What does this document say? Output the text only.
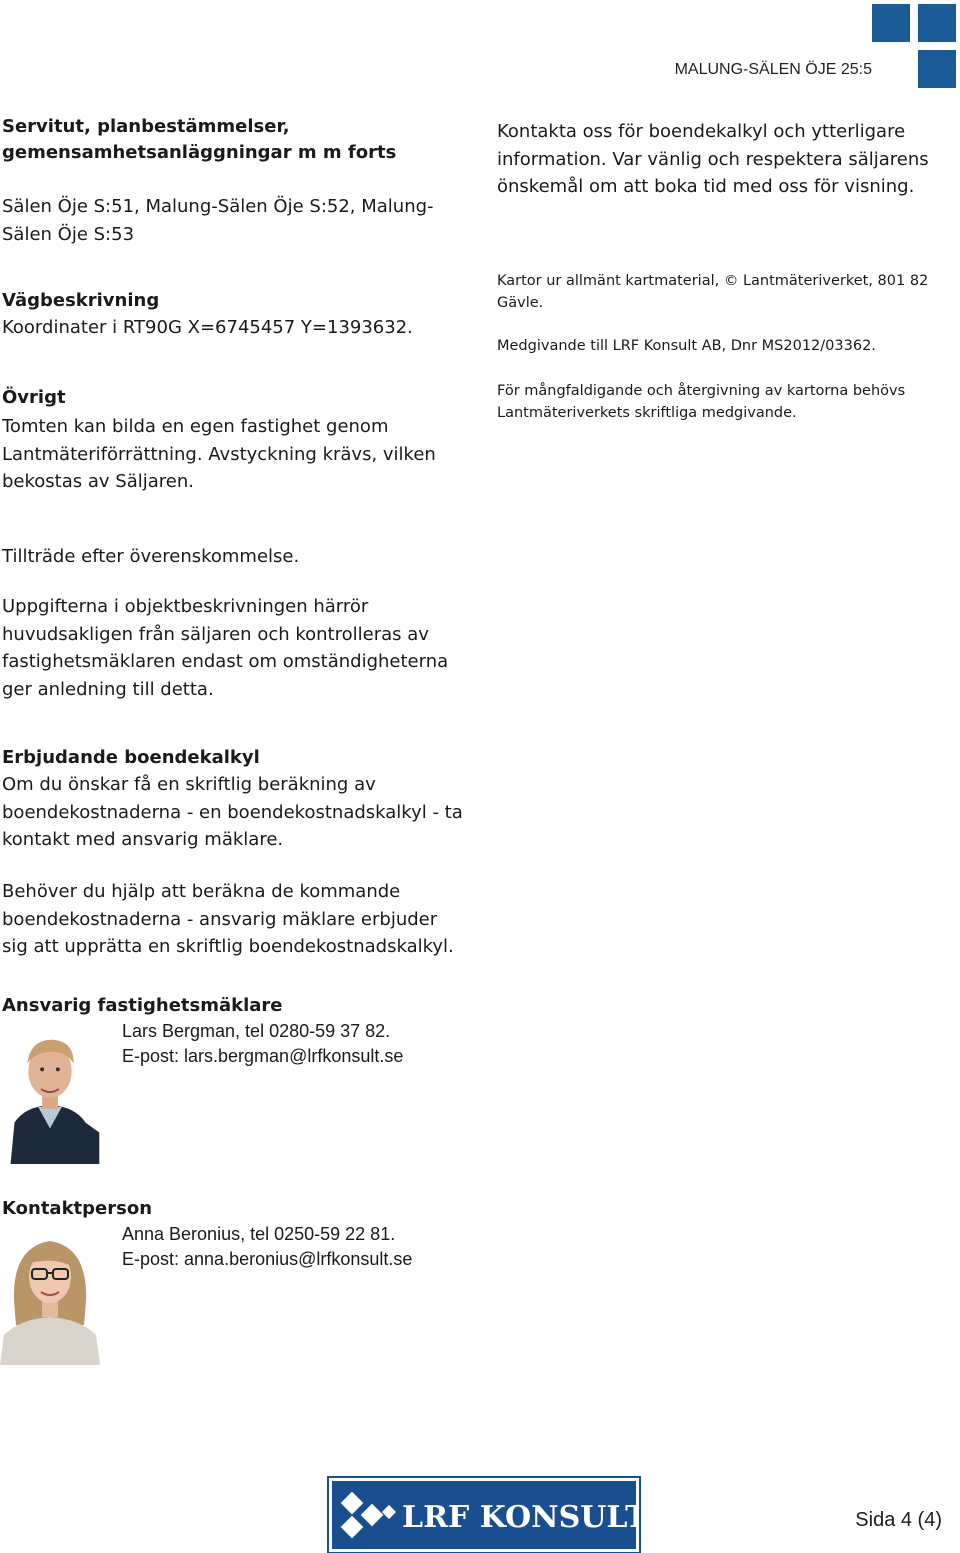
MALUNG-SÄLEN ÖJE 25:5

Servitut, planbestämmelser,

gemensamhetsanläggningar m m forts

Sälen Öje S:51, Malung-Sälen Öje S:52, Malung-

Sälen Öje S:53

Vägbeskrivning

Koordinater i RT90G X=6745457 Y=1393632.

Övrigt

Tomten kan bilda en egen fastighet genom

Lantmäteriförrättning. Avstyckning krävs, vilken

bekostas av Säljaren.

Kontakta oss för boendekalkyl och ytterligare

information. Var vänlig och respektera säljarens

önskemål om att boka tid med oss för visning.

Kartor ur allmänt kartmaterial, © Lantmäteriverket, 801 82

Gävle.

Medgivande till LRF Konsult AB, Dnr MS2012/03362.

För mångfaldigande och återgivning av kartorna behövs

Lantmäteriverkets skriftliga medgivande.

Tillträde efter överenskommelse.

Uppgifterna i objektbeskrivningen härrör

huvudsakligen från säljaren och kontrolleras av

fastighetsmäklaren endast om omständigheterna

ger anledning till detta.

Erbjudande boendekalkyl

Om du önskar få en skriftlig beräkning av

boendekostnaderna - en boendekostnadskalkyl - ta

kontakt med ansvarig mäklare.

Behöver du hjälp att beräkna de kommande

boendekostnaderna - ansvarig mäklare erbjuder

sig att upprätta en skriftlig boendekostnadskalkyl.

Ansvarig fastighetsmäklare

Lars Bergman, tel 0280-59 37 82.
E-post: lars.bergman@lrfkonsult.se

Kontaktperson

Anna Beronius, tel 0250-59 22 81.
E-post: anna.beronius@lrfkonsult.se
LRF KONSULT	Sida 4 (4)
